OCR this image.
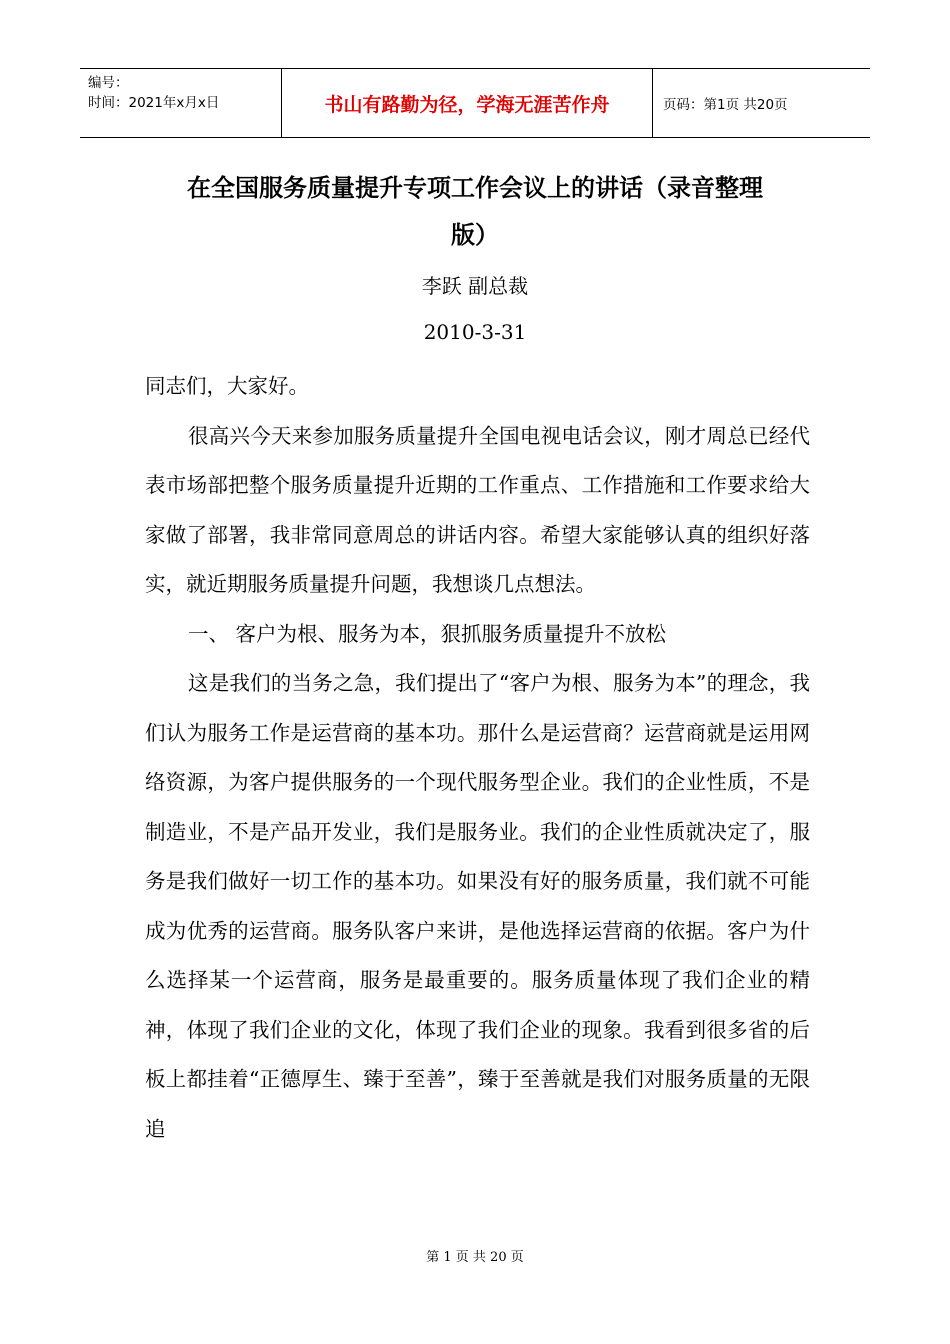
编号：
时间：2021年x月x日	书山有路勤为径，学海无涯苦作舟	页码：第1页 共20页
在全国服务质量提升专项工作会议上的讲话（录音整理
版）
李跃 副总裁
2010-3-31

同志们，大家好。

很高兴今天来参加服务质量提升全国电视电话会议，刚才周总已经代表市场部把整个服务质量提升近期的工作重点、工作措施和工作要求给大家做了部署，我非常同意周总的讲话内容。希望大家能够认真的组织好落实，就近期服务质量提升问题，我想谈几点想法。

一、 客户为根、服务为本，狠抓服务质量提升不放松

这是我们的当务之急，我们提出了“客户为根、服务为本”的理念，我们认为服务工作是运营商的基本功。那什么是运营商？运营商就是运用网络资源，为客户提供服务的一个现代服务型企业。我们的企业性质，不是制造业，不是产品开发业，我们是服务业。我们的企业性质就决定了，服务是我们做好一切工作的基本功。如果没有好的服务质量，我们就不可能成为优秀的运营商。服务队客户来讲，是他选择运营商的依据。客户为什么选择某一个运营商，服务是最重要的。服务质量体现了我们企业的精神，体现了我们企业的文化，体现了我们企业的现象。我看到很多省的后板上都挂着“正德厚生、臻于至善”，臻于至善就是我们对服务质量的无限追

第 1 页 共 20 页
